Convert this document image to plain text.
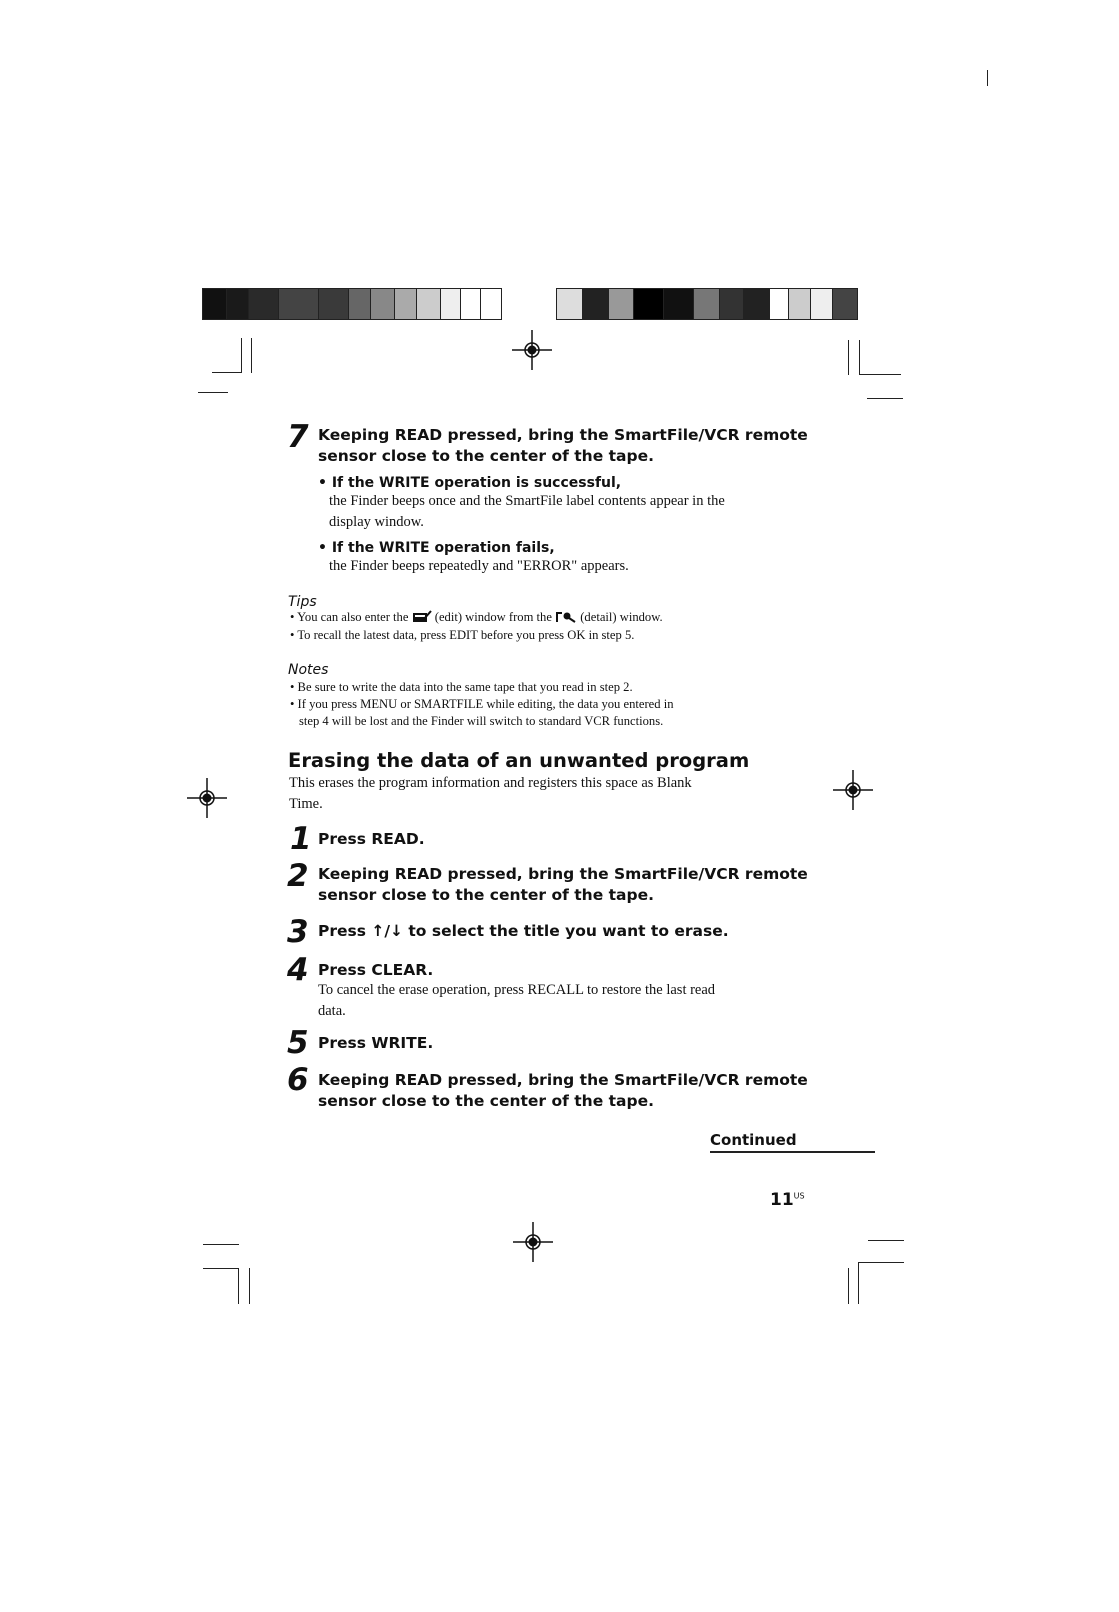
7 Keeping READ pressed, bring the SmartFile/VCR remote
sensor close to the center of the tape.
• If the WRITE operation is successful,
the Finder beeps once and the SmartFile label contents appear in the
display window.
• If the WRITE operation fails,
the Finder beeps repeatedly and "ERROR" appears.
Tips
• You can also enter the (edit) window from the (detail) window.
• To recall the latest data, press EDIT before you press OK in step 5.
Notes
• Be sure to write the data into the same tape that you read in step 2.
• If you press MENU or SMARTFILE while editing, the data you entered in
step 4 will be lost and the Finder will switch to standard VCR functions.
Erasing the data of an unwanted program
This erases the program information and registers this space as Blank
Time.
1 Press READ.
2 Keeping READ pressed, bring the SmartFile/VCR remote
sensor close to the center of the tape.
3 Press ↑/↓ to select the title you want to erase.
4 Press CLEAR.
To cancel the erase operation, press RECALL to restore the last read
data.
5 Press WRITE.
6 Keeping READ pressed, bring the SmartFile/VCR remote
sensor close to the center of the tape.
Continued
$11^{US}$
